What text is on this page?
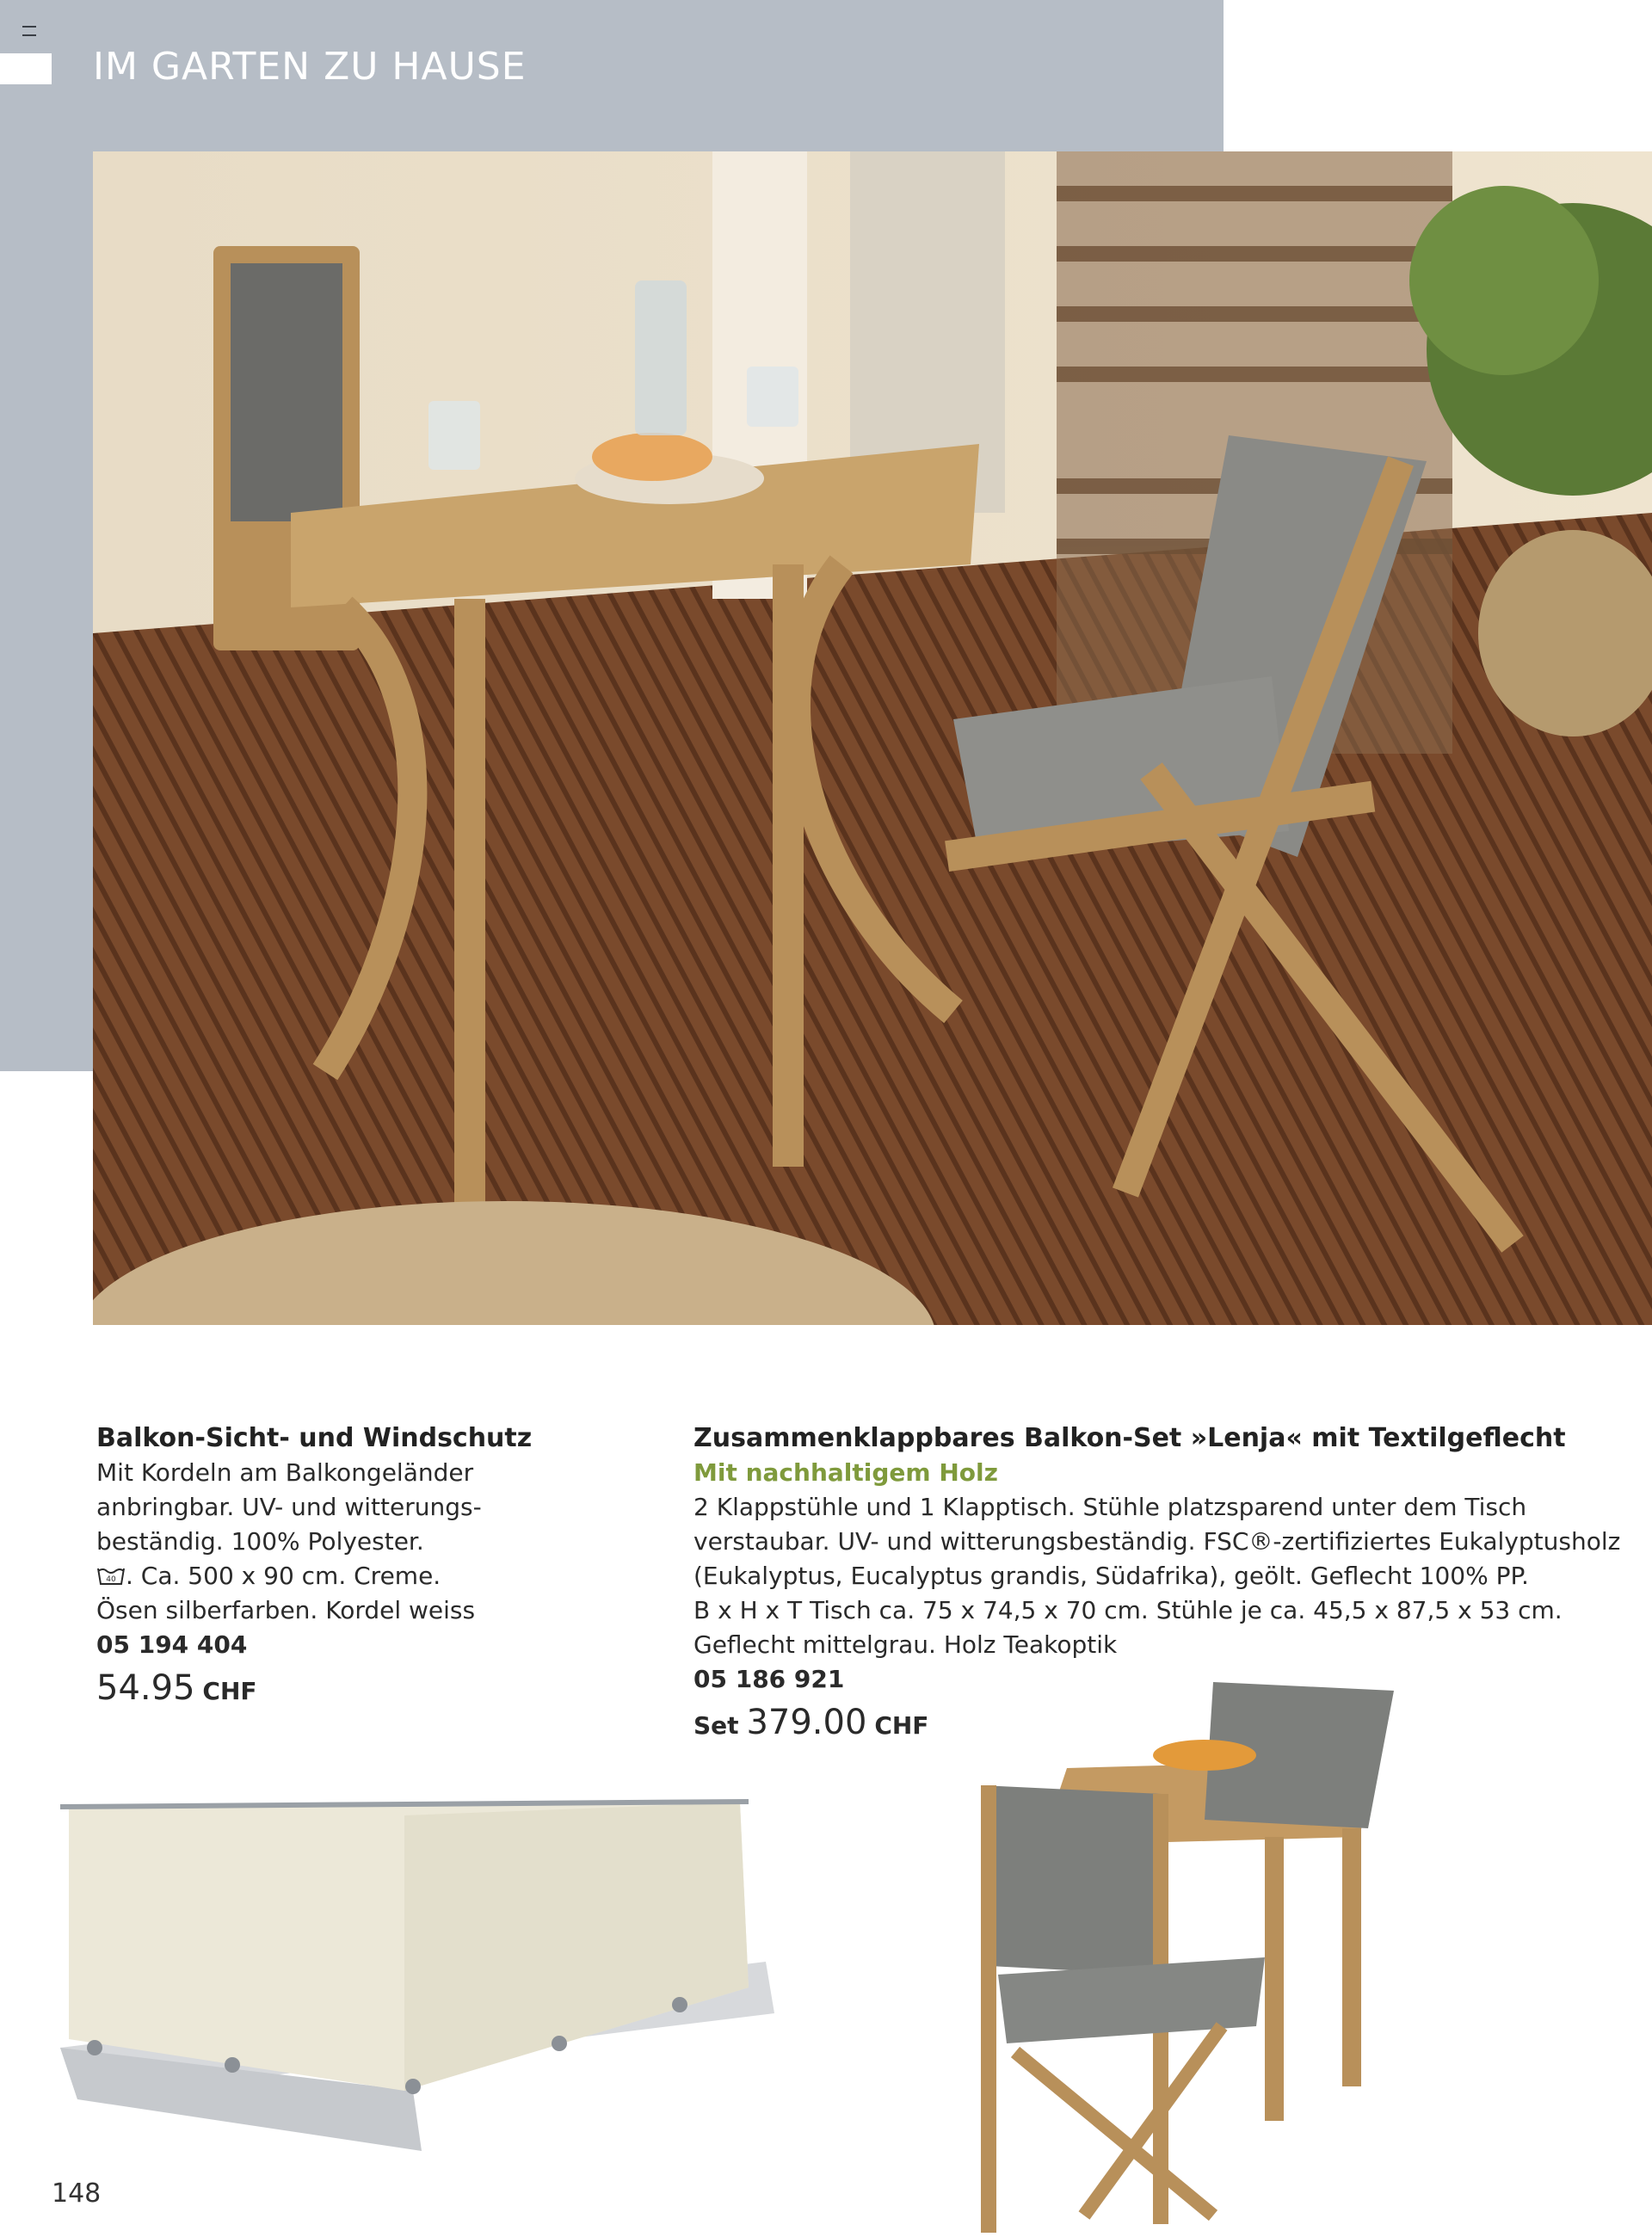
IM GARTEN ZU HAUSE
Balkon-Sicht- und Windschutz
Mit Kordeln am Balkongeländer
anbringbar. UV- und witterungs-
beständig. 100% Polyester.
40 . Ca. 500 x 90 cm. Creme.
Ösen silberfarben. Kordel weiss
05 194 404
54.95 CHF
Zusammenklappbares Balkon-Set »Lenja« mit Textilgeflecht
Mit nachhaltigem Holz
2 Klappstühle und 1 Klapptisch. Stühle platzsparend unter dem Tisch
verstaubar. UV- und witterungsbeständig. FSC®-zertifiziertes Eukalyptusholz
(Eukalyptus, Eucalyptus grandis, Südafrika), geölt. Geflecht 100% PP.
B x H x T Tisch ca. 75 x 74,5 x 70 cm. Stühle je ca. 45,5 x 87,5 x 53 cm.
Geflecht mittelgrau. Holz Teakoptik
05 186 921
Set 379.00 CHF
148
